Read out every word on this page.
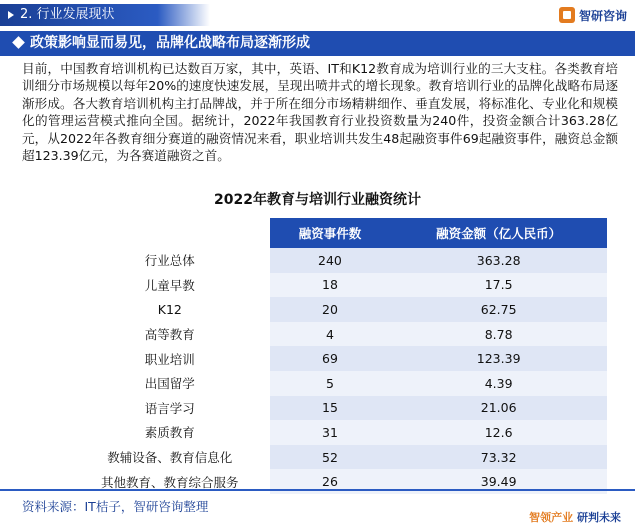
2. 行业发展现状	智研咨询
政策影响显而易见，品牌化战略布局逐渐形成
目前，中国教育培训机构已达数百万家，其中，英语、IT和K12教育成为培训行业的三大支柱。各类教育培训细分市场规模以每年20%的速度快速发展，呈现出喷井式的增长现象。教育培训行业的品牌化战略布局逐渐形成。各大教育培训机构主打品牌战，并于所在细分市场精耕细作、垂直发展，将标准化、专业化和规模化的管理运营模式推向全国。据统计，2022年我国教育行业投资数量为240件，投资金额合计363.28亿元，从2022年各教育细分赛道的融资情况来看，职业培训共发生48起融资事件69起融资事件，融资总金额超123.39亿元，为各赛道融资之首。
2022年教育与培训行业融资统计
	融资事件数	融资金额（亿人民币）
行业总体	240	363.28
儿童早教	18	17.5
K12	20	62.75
高等教育	4	8.78
职业培训	69	123.39
出国留学	5	4.39
语言学习	15	21.06
素质教育	31	12.6
教辅设备、教育信息化	52	73.32
其他教育、教育综合服务	26	39.49
资料来源：IT桔子，智研咨询整理
智领产业 研判未来
